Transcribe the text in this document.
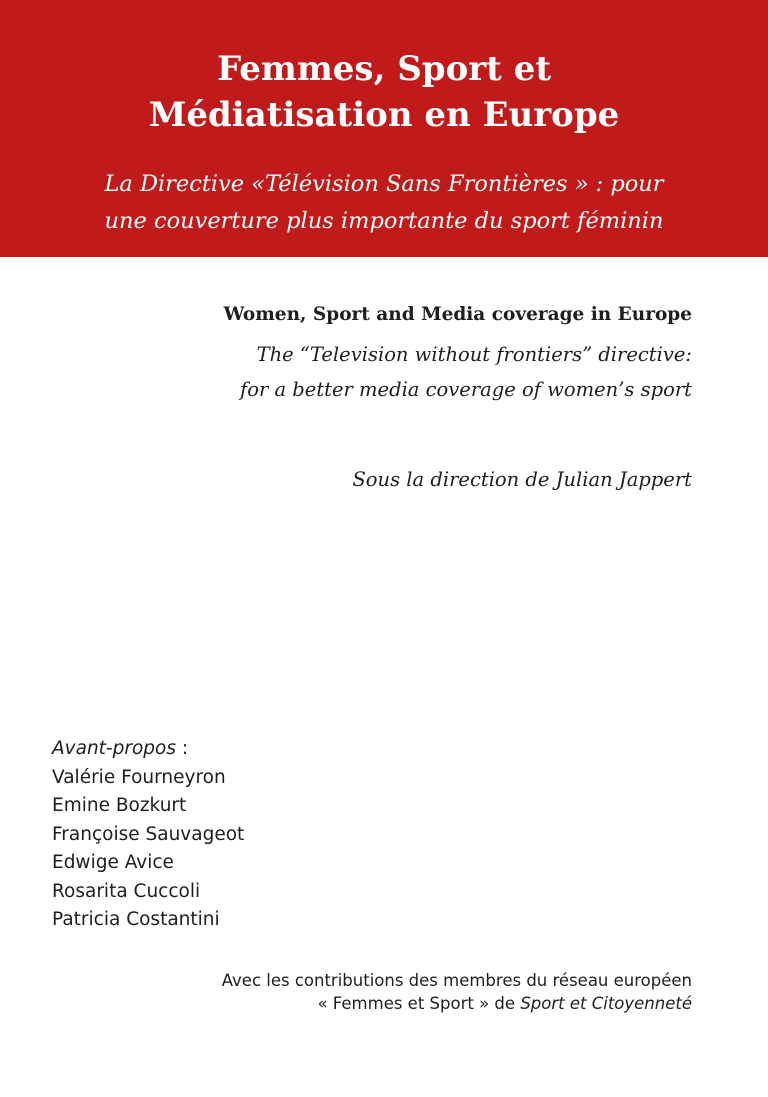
Femmes, Sport et
Médiatisation en Europe
La Directive «Télévision Sans Frontières » : pour
une couverture plus importante du sport féminin
Women, Sport and Media coverage in Europe
The “Television without frontiers” directive:
for a better media coverage of women’s sport
Sous la direction de Julian Jappert
Avant-propos :
Valérie Fourneyron
Emine Bozkurt
Françoise Sauvageot
Edwige Avice
Rosarita Cuccoli
Patricia Costantini
Avec les contributions des membres du réseau européen
« Femmes et Sport » de Sport et Citoyenneté
